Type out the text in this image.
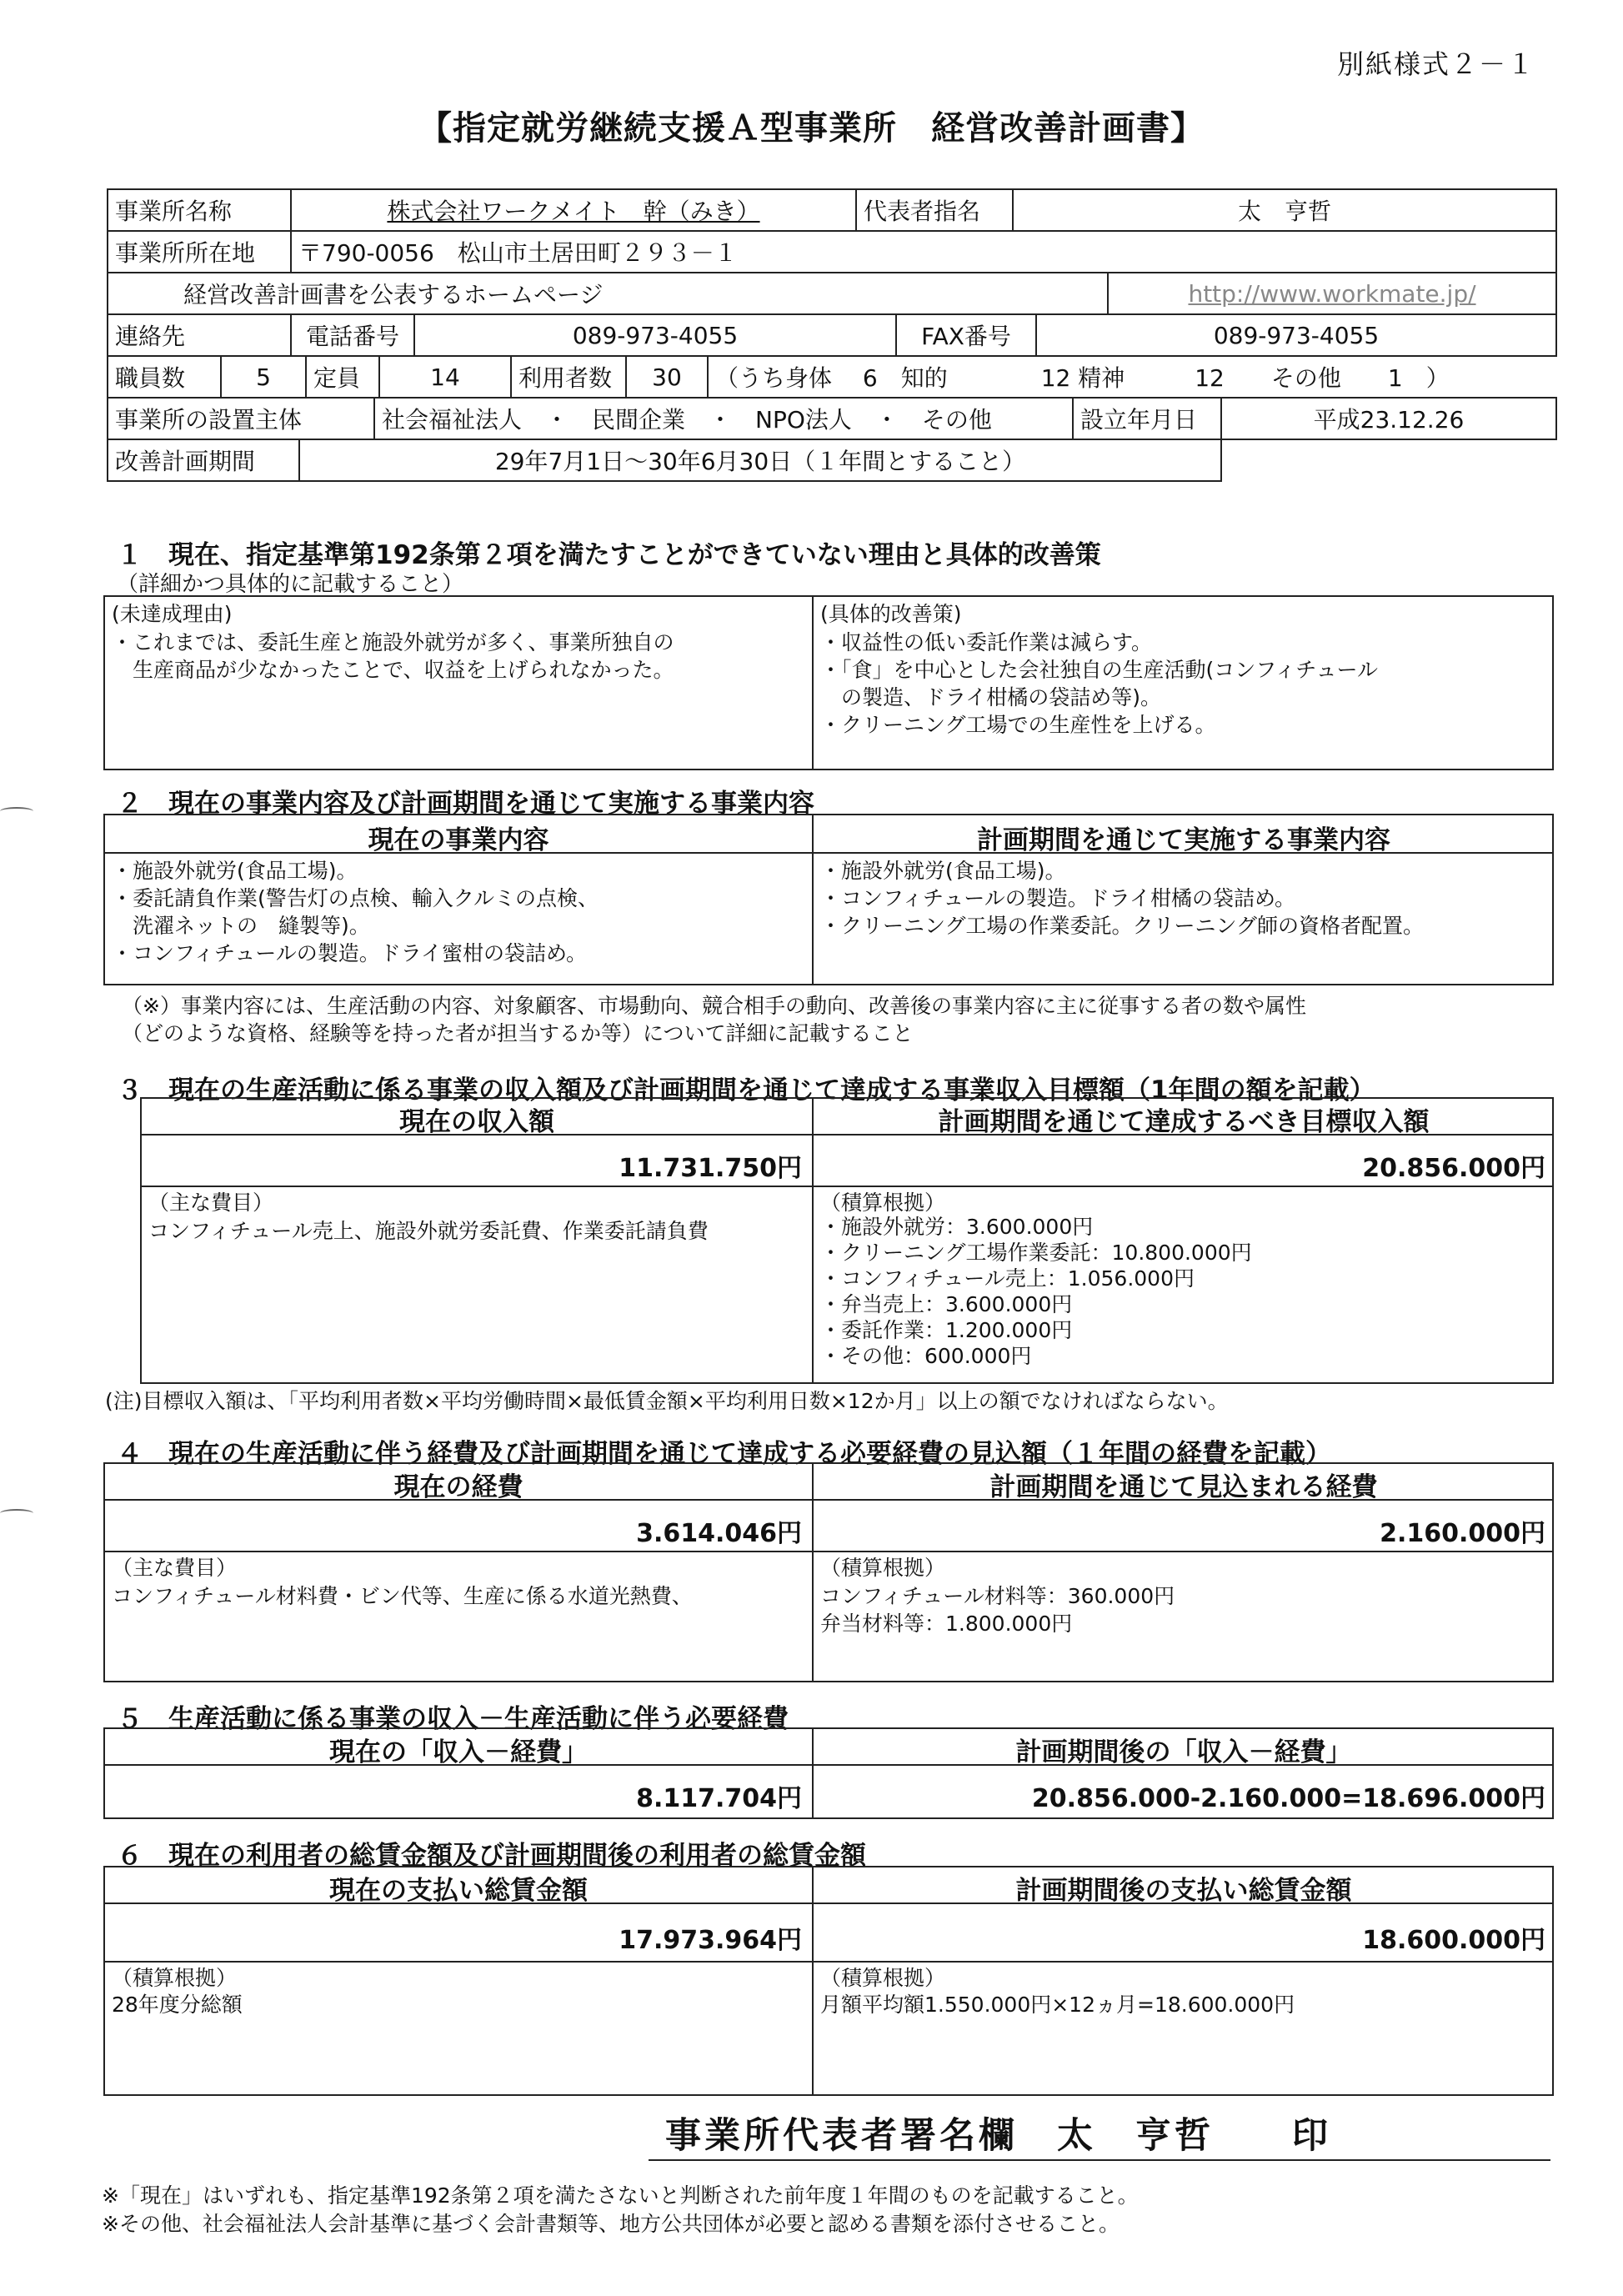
別紙様式２－１
【指定就労継続支援Ａ型事業所　経営改善計画書】
事業所名称	株式会社ワークメイト　幹（みき）	代表者指名	太　亨哲
事業所所在地	〒790-0056　松山市土居田町２９３－１
経営改善計画書を公表するホームページ	http://www.workmate.jp/
連絡先	電話番号	089-973-4055	FAX番号	089-973-4055
職員数	5	定員	14	利用者数	30	（うち身体　 6　知的　　　　12 精神　　　12　　その他　　1　）
事業所の設置主体	社会福祉法人　・　民間企業　・　NPO法人　・　その他	設立年月日	平成23.12.26
改善計画期間	29年7月1日～30年6月30日（１年間とすること）
１　現在、指定基準第192条第２項を満たすことができていない理由と具体的改善策
（詳細かつ具体的に記載すること）
(未達成理由)
・これまでは、委託生産と施設外就労が多く、事業所独自の
　生産商品が少なかったことで、収益を上げられなかった。
(具体的改善策)
・収益性の低い委託作業は減らす。
・「食」を中心とした会社独自の生産活動(コンフィチュール
　の製造、ドライ柑橘の袋詰め等)。
・クリーニング工場での生産性を上げる。
２　現在の事業内容及び計画期間を通じて実施する事業内容
現在の事業内容	計画期間を通じて実施する事業内容
・施設外就労(食品工場)。
・委託請負作業(警告灯の点検、輸入クルミの点検、
　洗濯ネットの　縫製等)。
・コンフィチュールの製造。ドライ蜜柑の袋詰め。
・施設外就労(食品工場)。
・コンフィチュールの製造。ドライ柑橘の袋詰め。
・クリーニング工場の作業委託。クリーニング師の資格者配置。
（※）事業内容には、生産活動の内容、対象顧客、市場動向、競合相手の動向、改善後の事業内容に主に従事する者の数や属性
（どのような資格、経験等を持った者が担当するか等）について詳細に記載すること
３　現在の生産活動に係る事業の収入額及び計画期間を通じて達成する事業収入目標額（1年間の額を記載）
現在の収入額	計画期間を通じて達成するべき目標収入額
11.731.750円	20.856.000円
（主な費目）
コンフィチュール売上、施設外就労委託費、作業委託請負費
（積算根拠）
・施設外就労：3.600.000円
・クリーニング工場作業委託：10.800.000円
・コンフィチュール売上：1.056.000円
・弁当売上：3.600.000円
・委託作業：1.200.000円
・その他：600.000円
(注)目標収入額は、「平均利用者数×平均労働時間×最低賃金額×平均利用日数×12か月」以上の額でなければならない。
４　現在の生産活動に伴う経費及び計画期間を通じて達成する必要経費の見込額（１年間の経費を記載）
現在の経費	計画期間を通じて見込まれる経費
3.614.046円	2.160.000円
（主な費目）
コンフィチュール材料費・ビン代等、生産に係る水道光熱費、
（積算根拠）
コンフィチュール材料等：360.000円
弁当材料等：1.800.000円
５　生産活動に係る事業の収入－生産活動に伴う必要経費
現在の「収入－経費」	計画期間後の「収入－経費」
8.117.704円	20.856.000-2.160.000=18.696.000円
６　現在の利用者の総賃金額及び計画期間後の利用者の総賃金額
現在の支払い総賃金額	計画期間後の支払い総賃金額
17.973.964円	18.600.000円
（積算根拠）
28年度分総額
（積算根拠）
月額平均額1.550.000円×12ヵ月=18.600.000円
事業所代表者署名欄　太　亨哲　　印
※「現在」はいずれも、指定基準192条第２項を満たさないと判断された前年度１年間のものを記載すること。
※その他、社会福祉法人会計基準に基づく会計書類等、地方公共団体が必要と認める書類を添付させること。
